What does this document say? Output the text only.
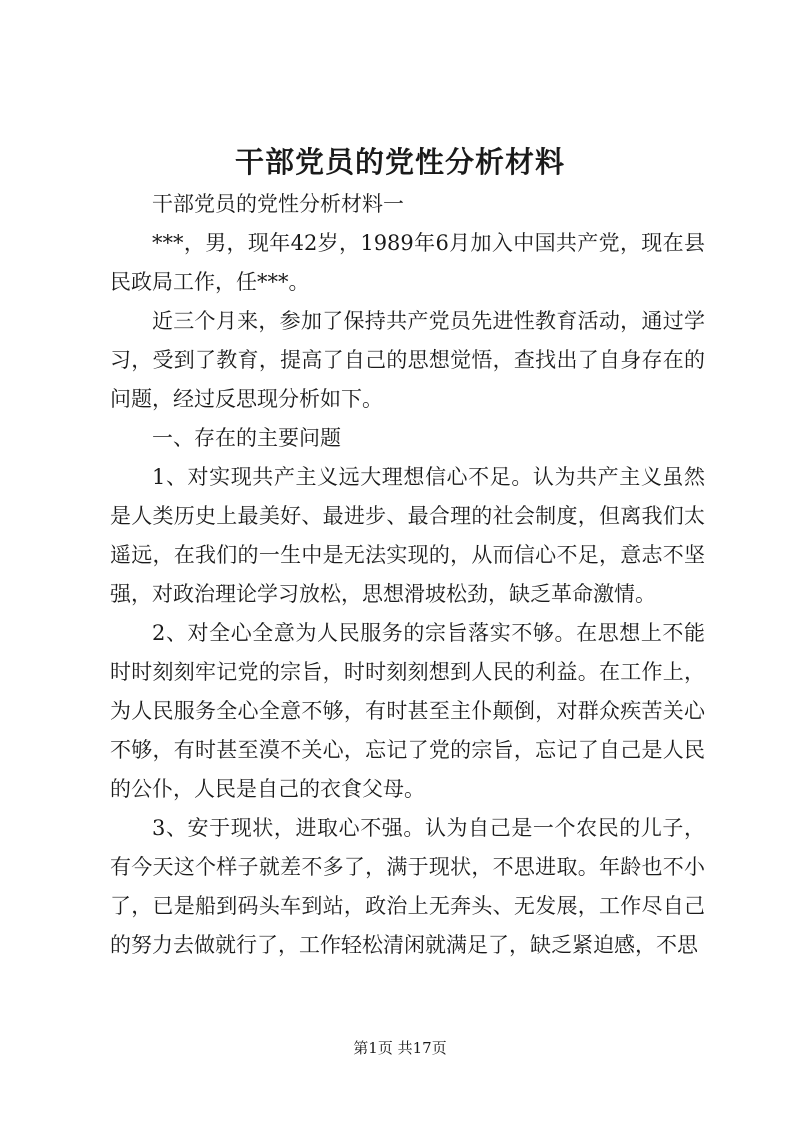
干部党员的党性分析材料

干部党员的党性分析材料一

***，男，现年42岁，1989年6月加入中国共产党，现在县民政局工作，任***。

近三个月来，参加了保持共产党员先进性教育活动，通过学习，受到了教育，提高了自己的思想觉悟，查找出了自身存在的问题，经过反思现分析如下。

一、存在的主要问题

1、对实现共产主义远大理想信心不足。认为共产主义虽然是人类历史上最美好、最进步、最合理的社会制度，但离我们太遥远，在我们的一生中是无法实现的，从而信心不足，意志不坚强，对政治理论学习放松，思想滑坡松劲，缺乏革命激情。

2、对全心全意为人民服务的宗旨落实不够。在思想上不能时时刻刻牢记党的宗旨，时时刻刻想到人民的利益。在工作上，为人民服务全心全意不够，有时甚至主仆颠倒，对群众疾苦关心不够，有时甚至漠不关心，忘记了党的宗旨，忘记了自己是人民的公仆，人民是自己的衣食父母。

3、安于现状，进取心不强。认为自己是一个农民的儿子，有今天这个样子就差不多了，满于现状，不思进取。年龄也不小了，已是船到码头车到站，政治上无奔头、无发展，工作尽自己的努力去做就行了，工作轻松清闲就满足了，缺乏紧迫感，不思

第1页 共17页
